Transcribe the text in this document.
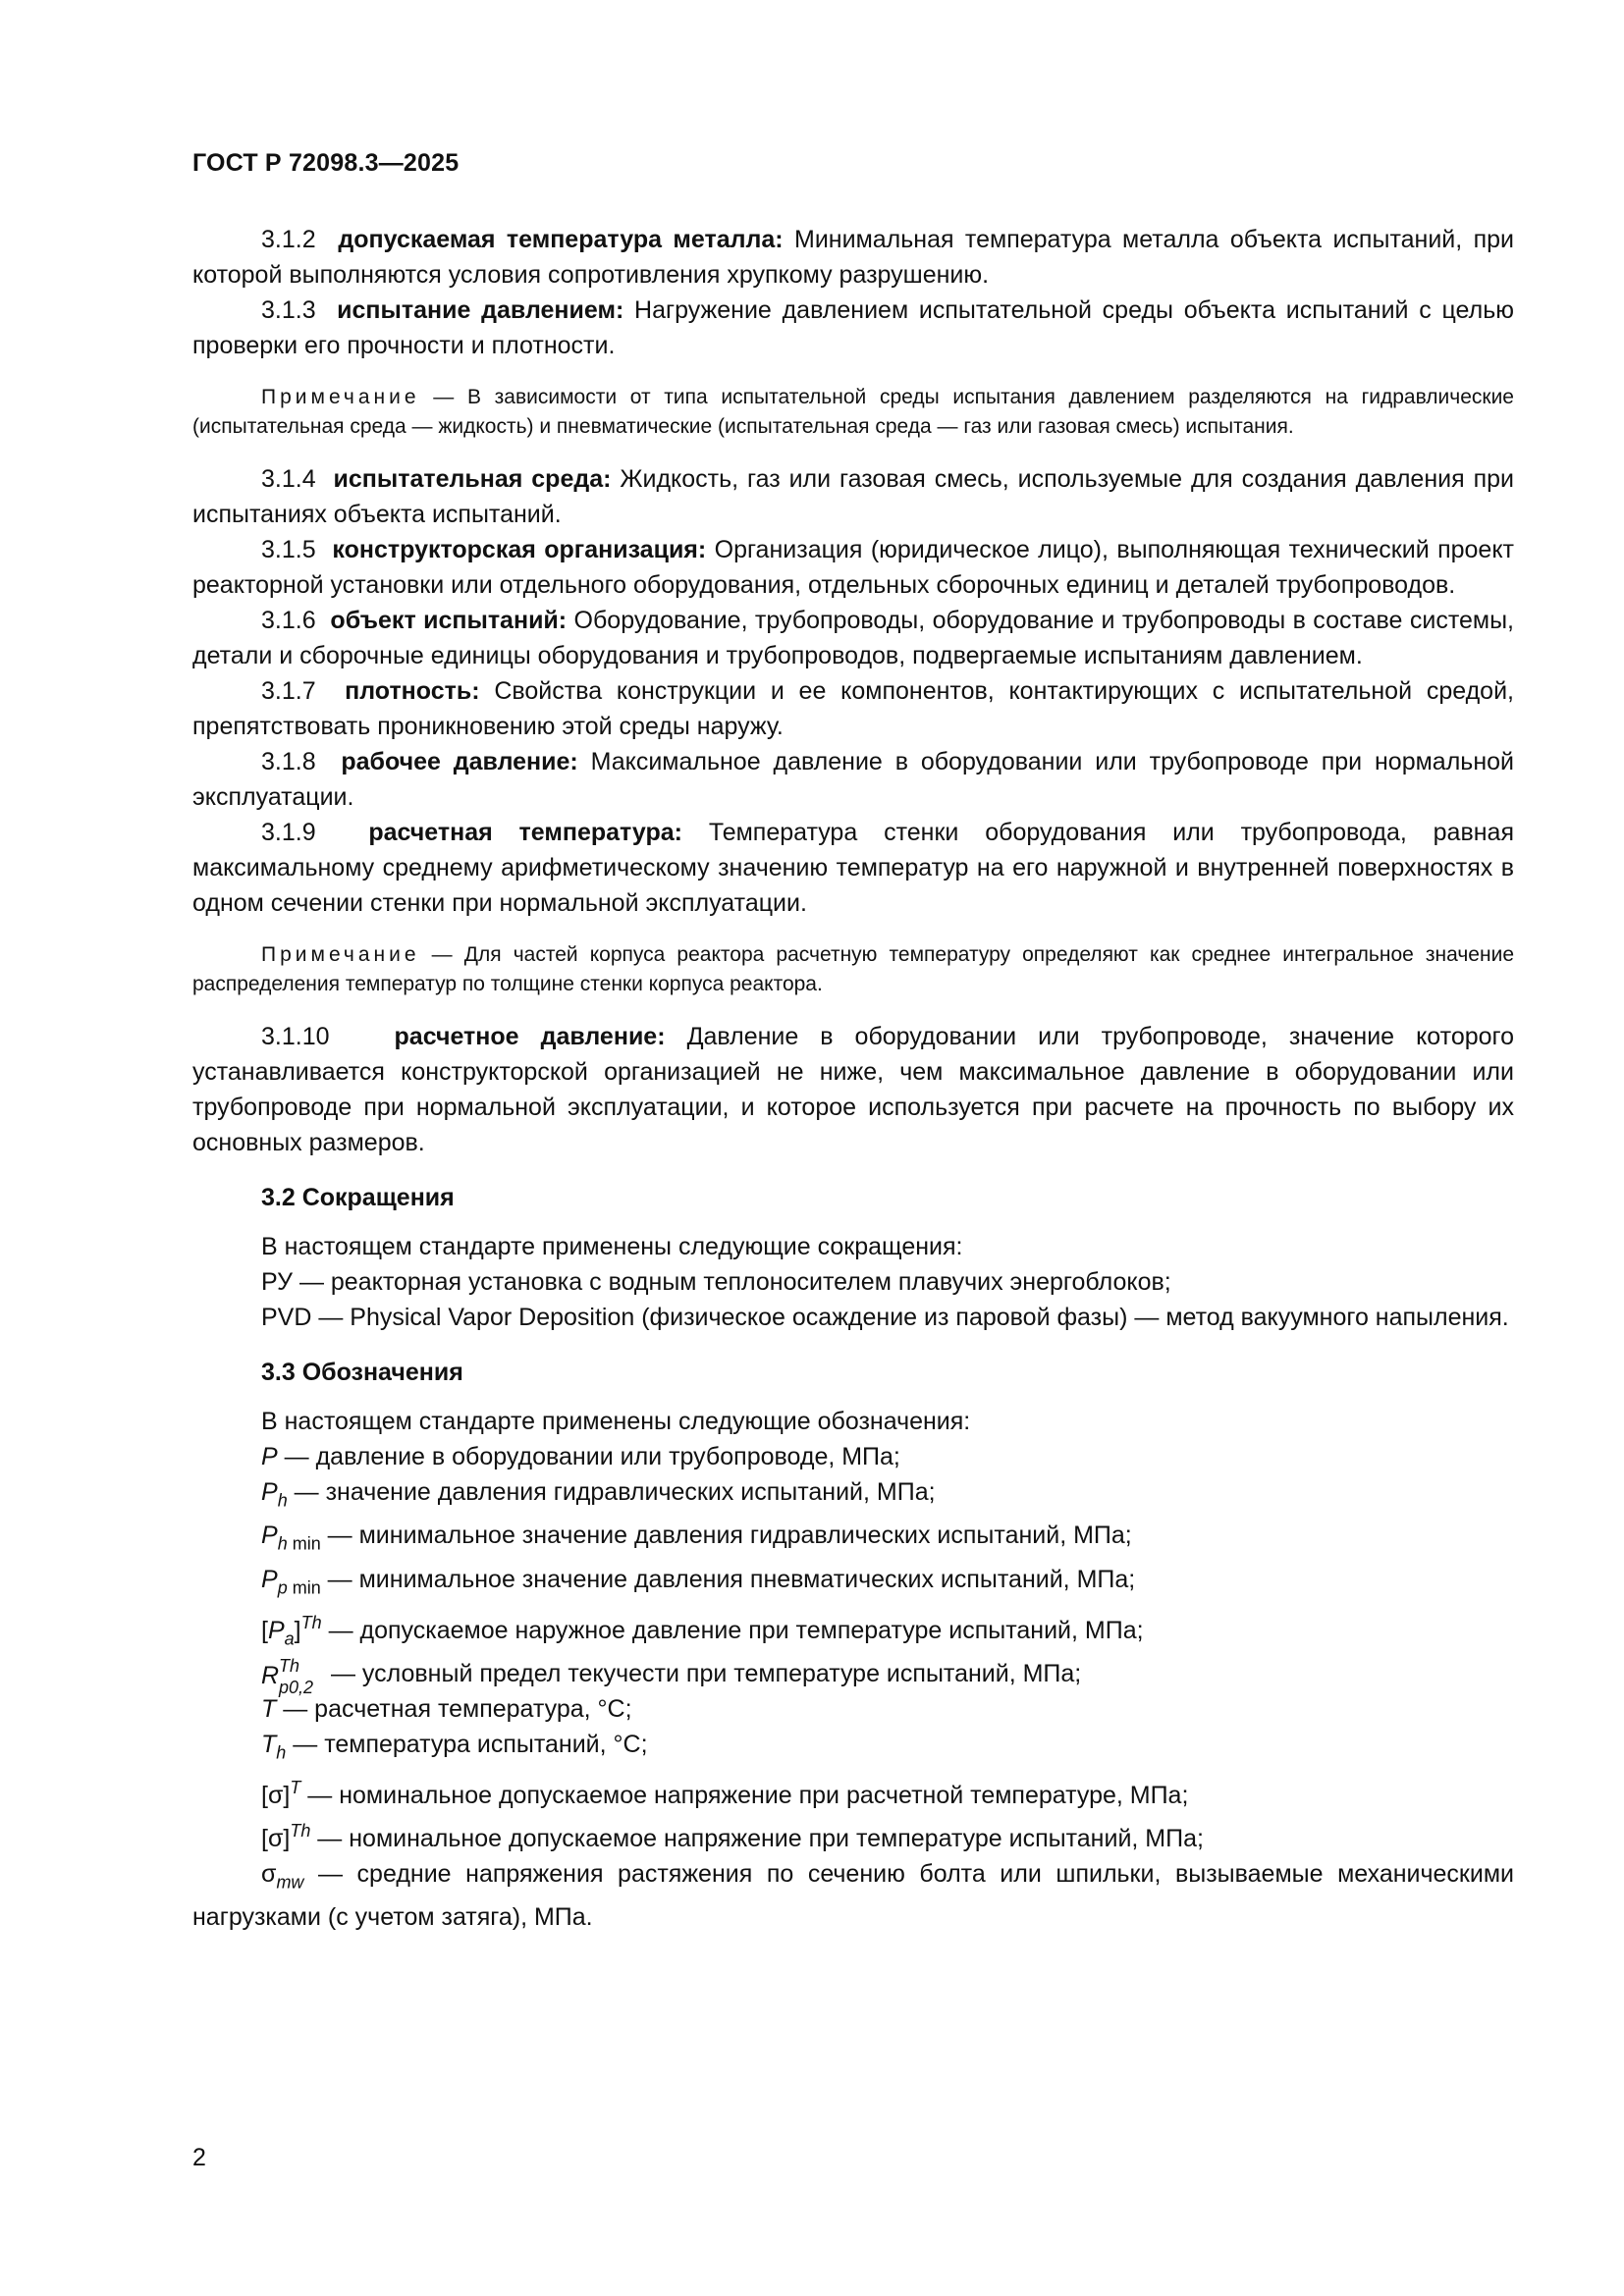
ГОСТ Р 72098.3—2025

3.1.2 допускаемая температура металла: Минимальная температура металла объекта испытаний, при которой выполняются условия сопротивления хрупкому разрушению.

3.1.3 испытание давлением: Нагружение давлением испытательной среды объекта испытаний с целью проверки его прочности и плотности.

Примечание — В зависимости от типа испытательной среды испытания давлением разделяются на гидравлические (испытательная среда — жидкость) и пневматические (испытательная среда — газ или газовая смесь) испытания.

3.1.4 испытательная среда: Жидкость, газ или газовая смесь, используемые для создания давления при испытаниях объекта испытаний.

3.1.5 конструкторская организация: Организация (юридическое лицо), выполняющая технический проект реакторной установки или отдельного оборудования, отдельных сборочных единиц и деталей трубопроводов.

3.1.6 объект испытаний: Оборудование, трубопроводы, оборудование и трубопроводы в составе системы, детали и сборочные единицы оборудования и трубопроводов, подвергаемые испытаниям давлением.

3.1.7 плотность: Свойства конструкции и ее компонентов, контактирующих с испытательной средой, препятствовать проникновению этой среды наружу.

3.1.8 рабочее давление: Максимальное давление в оборудовании или трубопроводе при нормальной эксплуатации.

3.1.9 расчетная температура: Температура стенки оборудования или трубопровода, равная максимальному среднему арифметическому значению температур на его наружной и внутренней поверхностях в одном сечении стенки при нормальной эксплуатации.

Примечание — Для частей корпуса реактора расчетную температуру определяют как среднее интегральное значение распределения температур по толщине стенки корпуса реактора.

3.1.10	расчетное давление: Давление в оборудовании или трубопроводе, значение которого устанавливается конструкторской организацией не ниже, чем максимальное давление в оборудовании или трубопроводе при нормальной эксплуатации, и которое используется при расчете на прочность по выбору их основных размеров.

3.2 Сокращения

В настоящем стандарте применены следующие сокращения:

РУ — реакторная установка с водным теплоносителем плавучих энергоблоков;

PVD — Physical Vapor Deposition (физическое осаждение из паровой фазы) — метод вакуумного напыления.

3.3 Обозначения

В настоящем стандарте применены следующие обозначения:

P — давление в оборудовании или трубопроводе, МПа;

$P_h$ — значение давления гидравлических испытаний, МПа;

$P_{h min}$ — минимальное значение давления гидравлических испытаний, МПа;

$P_{p min}$ — минимальное значение давления пневматических испытаний, МПа;

$[P_a]^{Th}$ — допускаемое наружное давление при температуре испытаний, МПа;

R Th
p0,2 — условный предел текучести при температуре испытаний, МПа;

T — расчетная температура, °C;

$T_h$ — температура испытаний, °C;

$[\sigma]^T$ — номинальное допускаемое напряжение при расчетной температуре, МПа;

$[\sigma]^{Th}$ — номинальное допускаемое напряжение при температуре испытаний, МПа;

$\sigma_{mw}$ — средние напряжения растяжения по сечению болта или шпильки, вызываемые механическими нагрузками (с учетом затяга), МПа.

2
